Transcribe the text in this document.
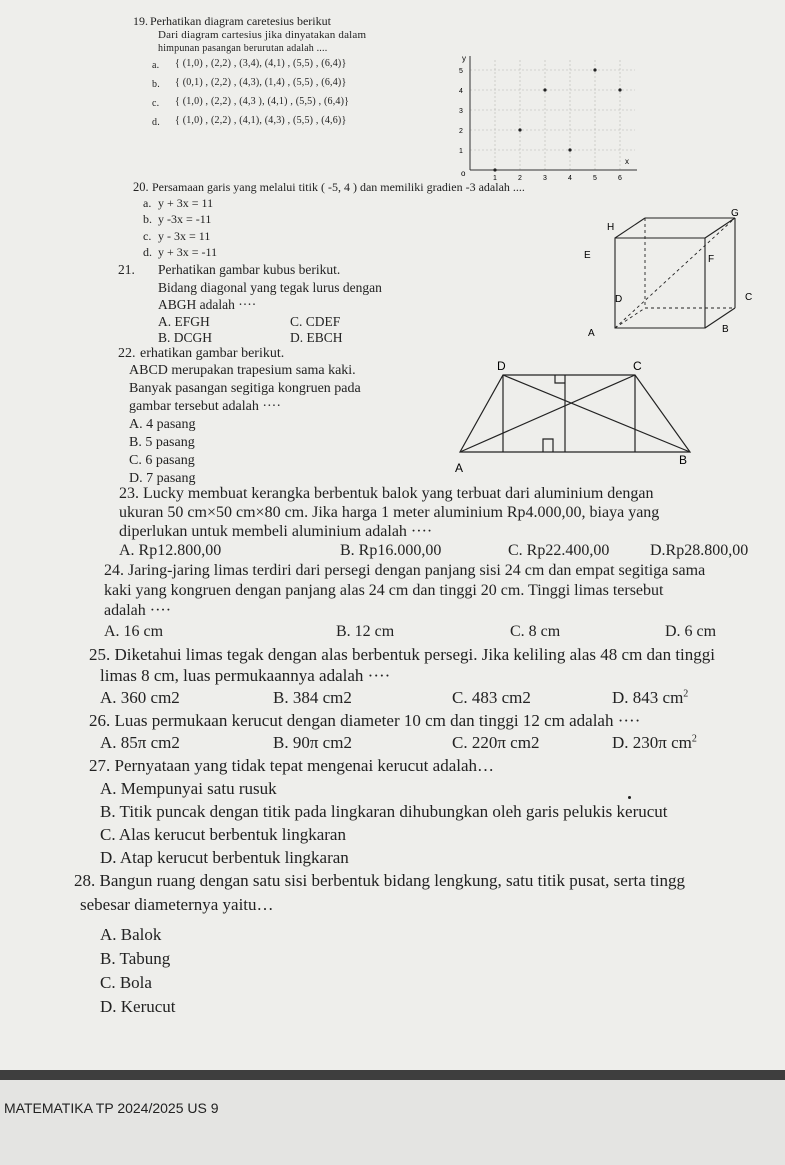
19. Perhatikan diagram caretesius berikut
Dari diagram cartesius jika dinyatakan dalam
himpunan pasangan berurutan adalah ....
a. { (1,0) , (2,2) , (3,4), (4,1) , (5,5) , (6,4)}
b. { (0,1) , (2,2) , (4,3), (1,4) , (5,5) , (6,4)}
c. { (1,0) , (2,2) , (4,3 ), (4,1) , (5,5) , (6,4)}
d. { (1,0) , (2,2) , (4,1), (4,3) , (5,5) , (4,6)}
y
x
o
1
2
3
4
5
1	2	3	4	5	6
20. Persamaan garis yang melalui titik ( -5, 4 ) dan memiliki gradien -3 adalah ....
a. y + 3x = 11
b. y -3x = -11
c. y - 3x = 11
d. y + 3x = -11
21. Perhatikan gambar kubus berikut.
Bidang diagonal yang tegak lurus dengan
ABGH adalah ····
A. EFGH	C. CDEF
B. DCGH	D. EBCH
H
G
E	F
D	C
A	B
22. erhatikan gambar berikut.
ABCD merupakan trapesium sama kaki.
Banyak pasangan segitiga kongruen pada
gambar tersebut adalah ····
A. 4 pasang
B. 5 pasang
C. 6 pasang
D. 7 pasang
D	C
A
B
23. Lucky membuat kerangka berbentuk balok yang terbuat dari aluminium dengan
ukuran 50 cm×50 cm×80 cm. Jika harga 1 meter aluminium Rp4.000,00, biaya yang
diperlukan untuk membeli aluminium adalah ····
A. Rp12.800,00	B. Rp16.000,00	C. Rp22.400,00	D.Rp28.800,00
24. Jaring-jaring limas terdiri dari persegi dengan panjang sisi 24 cm dan empat segitiga sama
kaki yang kongruen dengan panjang alas 24 cm dan tinggi 20 cm. Tinggi limas tersebut
adalah ····
A. 16 cm	B. 12 cm	C. 8 cm	D. 6 cm
25. Diketahui limas tegak dengan alas berbentuk persegi. Jika keliling alas 48 cm dan tinggi
limas 8 cm, luas permukaannya adalah ····
A. 360 cm2	B. 384 cm2	C. 483 cm2	D. 843 $cm^2$
26. Luas permukaan kerucut dengan diameter 10 cm dan tinggi 12 cm adalah ····
A. 85π cm2	B. 90π cm2	C. 220π cm2	D. 230π $cm^2$
27. Pernyataan yang tidak tepat mengenai kerucut adalah…
A. Mempunyai satu rusuk
B. Titik puncak dengan titik pada lingkaran dihubungkan oleh garis pelukis kerucut
C. Alas kerucut berbentuk lingkaran
D. Atap kerucut berbentuk lingkaran
28. Bangun ruang dengan satu sisi berbentuk bidang lengkung, satu titik pusat, serta tingg
sebesar diameternya yaitu…
A. Balok
B. Tabung
C. Bola
D. Kerucut
MATEMATIKA TP 2024/2025 US 9
